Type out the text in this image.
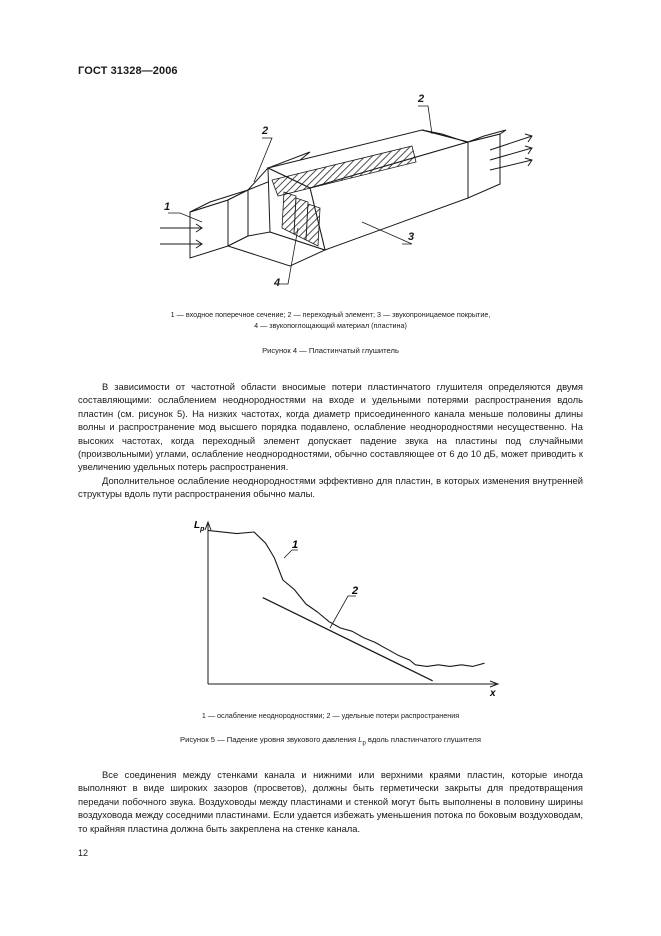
ГОСТ 31328—2006
1
2
2
3
4
1 — входное поперечное сечение; 2 — переходный элемент; 3 — звукопроницаемое покрытие,
4 — звукопоглощающий материал (пластина)
Рисунок 4 — Пластинчатый глушитель

В зависимости от частотной области вносимые потери пластинчатого глушителя определяются двумя составляющими: ослаблением неоднородностями на входе и удельными потерями распространения вдоль пластин (см. рисунок 5). На низких частотах, когда диаметр присоединенного канала меньше половины длины волны и распространение мод высшего порядка подавлено, ослабление неоднородностями несущественно. На высоких частотах, когда переходный элемент допускает падение звука на пластины под случайными (произвольными) углами, ослабление неоднородностями, обычно составляющее от 6 до 10 дБ, может приводить к увеличению удельных потерь распространения.

Дополнительное ослабление неоднородностями эффективно для пластин, в которых изменения внутренней структуры вдоль пути распространения обычно малы.

$L_p$
x
1
2
1 — ослабление неоднородностями; 2 — удельные потери распространения
Рисунок 5 — Падение уровня звукового давления $L_p$ вдоль пластинчатого глушителя

Все соединения между стенками канала и нижними или верхними краями пластин, которые иногда выполняют в виде широких зазоров (просветов), должны быть герметически закрыты для предотвращения передачи побочного звука. Воздуховоды между пластинами и стенкой могут быть выполнены в половину ширины воздуховода между соседними пластинами. Если удается избежать уменьшения потока по боковым воздуховодам, то крайняя пластина должна быть закреплена на стенке канала.

12
